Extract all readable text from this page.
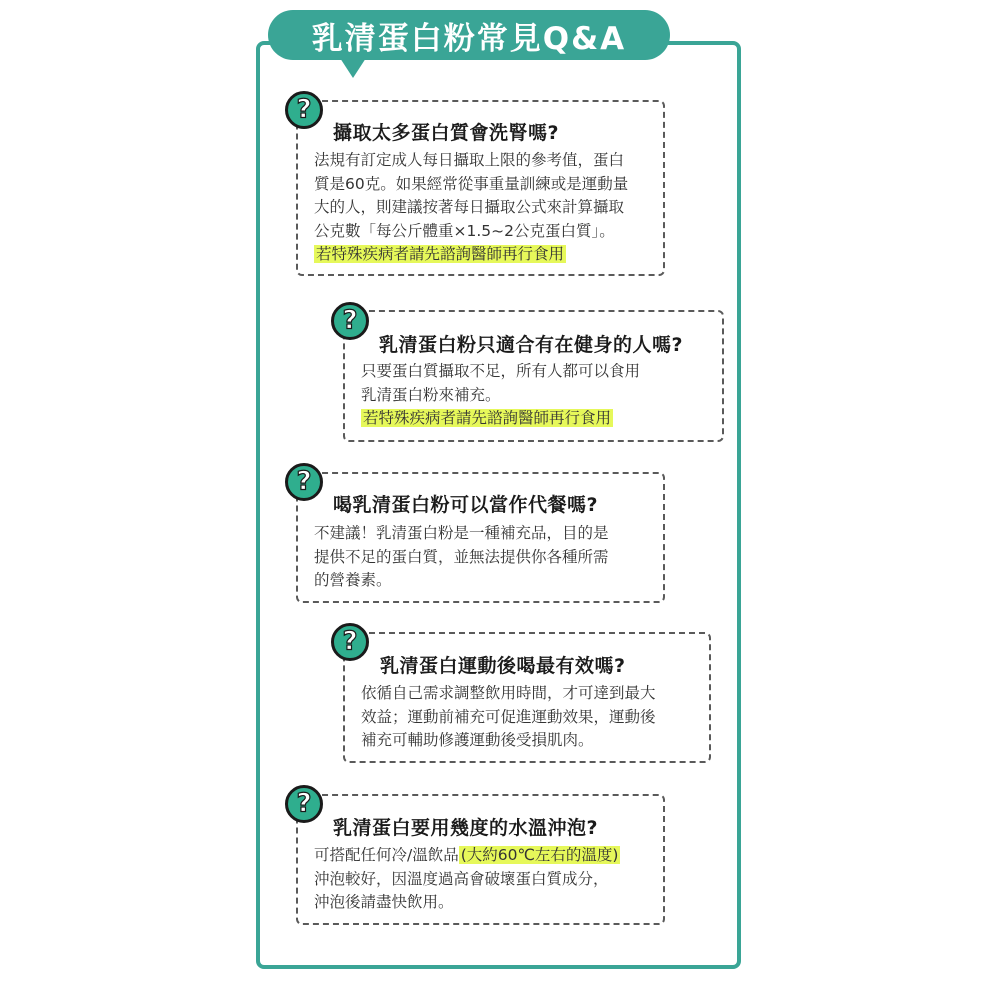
乳清蛋白粉常見Q&A
?
攝取太多蛋白質會洗腎嗎?
法規有訂定成人每日攝取上限的參考值，蛋白
質是60克。如果經常從事重量訓練或是運動量
大的人，則建議按著每日攝取公式來計算攝取
公克數「每公斤體重×1.5~2公克蛋白質」。
若特殊疾病者請先諮詢醫師再行食用
?
乳清蛋白粉只適合有在健身的人嗎?
只要蛋白質攝取不足，所有人都可以食用
乳清蛋白粉來補充。
若特殊疾病者請先諮詢醫師再行食用
?
喝乳清蛋白粉可以當作代餐嗎?
不建議！乳清蛋白粉是一種補充品，目的是
提供不足的蛋白質，並無法提供你各種所需
的營養素。
?
乳清蛋白運動後喝最有效嗎?
依循自己需求調整飲用時間，才可達到最大
效益；運動前補充可促進運動效果，運動後
補充可輔助修護運動後受損肌肉。
?
乳清蛋白要用幾度的水溫沖泡?
可搭配任何冷/溫飲品 (大約60℃左右的溫度)
沖泡較好，因溫度過高會破壞蛋白質成分，
沖泡後請盡快飲用。
